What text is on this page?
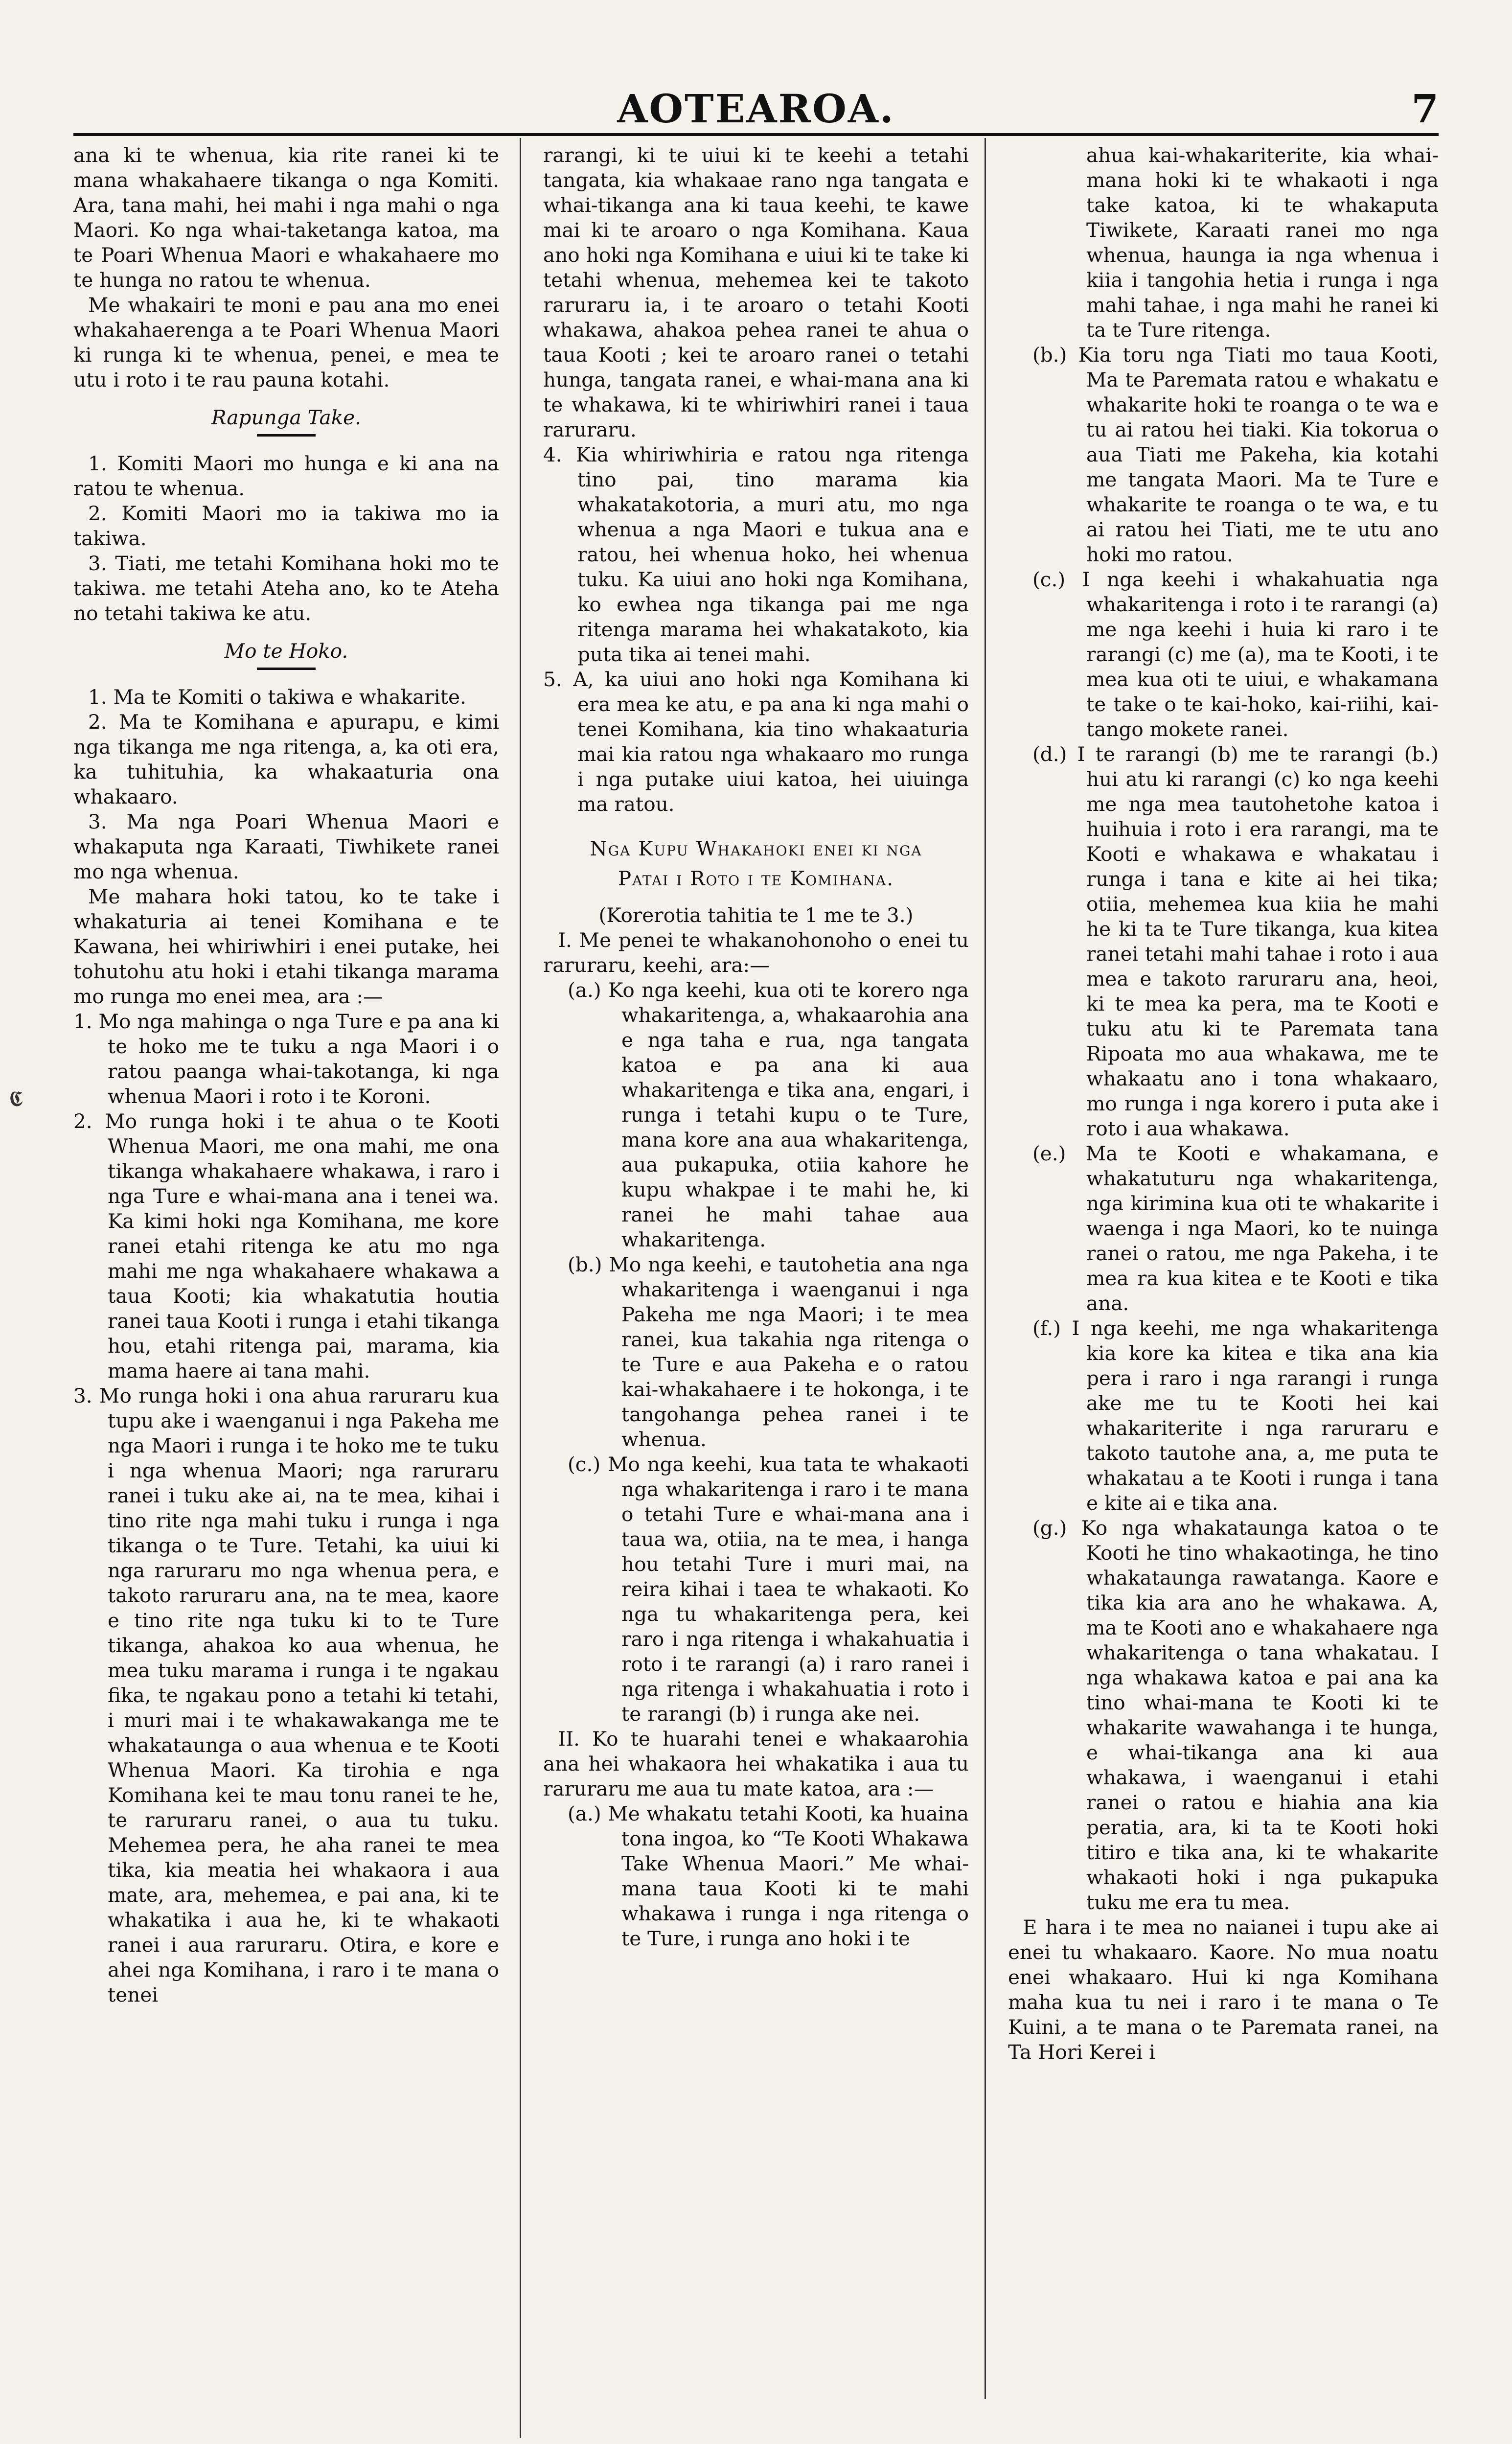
AOTEAROA.	7
𝕮

ana ki te whenua, kia rite ranei ki te mana whakahaere tikanga o nga Komiti. Ara, tana mahi, hei mahi i nga mahi o nga Maori. Ko nga whai-taketanga katoa, ma te Poari Whenua Maori e whakahaere mo te hunga no ratou te whenua.

Me whakairi te moni e pau ana mo enei whakahaerenga a te Poari Whenua Maori ki runga ki te whenua, penei, e mea te utu i roto i te rau pauna kotahi.

Rapunga Take.

1. Komiti Maori mo hunga e ki ana na ratou te whenua.

2. Komiti Maori mo ia takiwa mo ia takiwa.

3. Tiati, me tetahi Komihana hoki mo te takiwa. me tetahi Ateha ano, ko te Ateha no tetahi takiwa ke atu.

Mo te Hoko.

1. Ma te Komiti o takiwa e whakarite.

2. Ma te Komihana e apurapu, e kimi nga tikanga me nga ritenga, a, ka oti era, ka tuhituhia, ka whakaaturia ona whakaaro.

3. Ma nga Poari Whenua Maori e whakaputa nga Karaati, Tiwhikete ranei mo nga whenua.

Me mahara hoki tatou, ko te take i whakaturia ai tenei Komihana e te Kawana, hei whiriwhiri i enei putake, hei tohutohu atu hoki i etahi tikanga marama mo runga mo enei mea, ara :—

1. Mo nga mahinga o nga Ture e pa ana ki te hoko me te tuku a nga Maori i o ratou paanga whai-takotanga, ki nga whenua Maori i roto i te Koroni.

2. Mo runga hoki i te ahua o te Kooti Whenua Maori, me ona mahi, me ona tikanga whakahaere whakawa, i raro i nga Ture e whai-mana ana i tenei wa. Ka kimi hoki nga Komihana, me kore ranei etahi ritenga ke atu mo nga mahi me nga whakahaere whakawa a taua Kooti; kia whakatutia houtia ranei taua Kooti i runga i etahi tikanga hou, etahi ritenga pai, marama, kia mama haere ai tana mahi.

3. Mo runga hoki i ona ahua raruraru kua tupu ake i waenganui i nga Pakeha me nga Maori i runga i te hoko me te tuku i nga whenua Maori; nga raruraru ranei i tuku ake ai, na te mea, kihai i tino rite nga mahi tuku i runga i nga tikanga o te Ture. Tetahi, ka uiui ki nga raruraru mo nga whenua pera, e takoto raruraru ana, na te mea, kaore e tino rite nga tuku ki to te Ture tikanga, ahakoa ko aua whenua, he mea tuku marama i runga i te ngakau fika, te ngakau pono a tetahi ki tetahi, i muri mai i te whakawakanga me te whakataunga o aua whenua e te Kooti Whenua Maori. Ka tirohia e nga Komihana kei te mau tonu ranei te he, te raruraru ranei, o aua tu tuku. Mehemea pera, he aha ranei te mea tika, kia meatia hei whakaora i aua mate, ara, mehemea, e pai ana, ki te whakatika i aua he, ki te whakaoti ranei i aua raruraru. Otira, e kore e ahei nga Komihana, i raro i te mana o tenei

rarangi, ki te uiui ki te keehi a tetahi tangata, kia whakaae rano nga tangata e whai-tikanga ana ki taua keehi, te kawe mai ki te aroaro o nga Komihana. Kaua ano hoki nga Komihana e uiui ki te take ki tetahi whenua, mehemea kei te takoto raruraru ia, i te aroaro o tetahi Kooti whakawa, ahakoa pehea ranei te ahua o taua Kooti ; kei te aroaro ranei o tetahi hunga, tangata ranei, e whai-mana ana ki te whakawa, ki te whiriwhiri ranei i taua raruraru.

4. Kia whiriwhiria e ratou nga ritenga tino pai, tino marama kia whakatakotoria, a muri atu, mo nga whenua a nga Maori e tukua ana e ratou, hei whenua hoko, hei whenua tuku. Ka uiui ano hoki nga Komihana, ko ewhea nga tikanga pai me nga ritenga marama hei whakatakoto, kia puta tika ai tenei mahi.

5. A, ka uiui ano hoki nga Komihana ki era mea ke atu, e pa ana ki nga mahi o tenei Komihana, kia tino whakaaturia mai kia ratou nga whakaaro mo runga i nga putake uiui katoa, hei uiuinga ma ratou.

Nga Kupu Whakahoki enei ki nga

Patai i Roto i te Komihana.

(Korerotia tahitia te 1 me te 3.)

I. Me penei te whakanohonoho o enei tu raruraru, keehi, ara:—

(a.) Ko nga keehi, kua oti te korero nga whakaritenga, a, whakaarohia ana e nga taha e rua, nga tangata katoa e pa ana ki aua whakaritenga e tika ana, engari, i runga i tetahi kupu o te Ture, mana kore ana aua whakaritenga, aua pukapuka, otiia kahore he kupu whakpae i te mahi he, ki ranei he mahi tahae aua whakaritenga.

(b.) Mo nga keehi, e tautohetia ana nga whakaritenga i waenganui i nga Pakeha me nga Maori; i te mea ranei, kua takahia nga ritenga o te Ture e aua Pakeha e o ratou kai-whakahaere i te hokonga, i te tangohanga pehea ranei i te whenua.

(c.) Mo nga keehi, kua tata te whakaoti nga whakaritenga i raro i te mana o tetahi Ture e whai-mana ana i taua wa, otiia, na te mea, i hanga hou tetahi Ture i muri mai, na reira kihai i taea te whakaoti. Ko nga tu whakaritenga pera, kei raro i nga ritenga i whakahuatia i roto i te rarangi (a) i raro ranei i nga ritenga i whakahuatia i roto i te rarangi (b) i runga ake nei.

II. Ko te huarahi tenei e whakaarohia ana hei whakaora hei whakatika i aua tu raruraru me aua tu mate katoa, ara :—

(a.) Me whakatu tetahi Kooti, ka huaina tona ingoa, ko “Te Kooti Whakawa Take Whenua Maori.” Me whai-mana taua Kooti ki te mahi whakawa i runga i nga ritenga o te Ture, i runga ano hoki i te

ahua kai-whakariterite, kia whai-mana hoki ki te whakaoti i nga take katoa, ki te whakaputa Tiwikete, Karaati ranei mo nga whenua, haunga ia nga whenua i kiia i tangohia hetia i runga i nga mahi tahae, i nga mahi he ranei ki ta te Ture ritenga.

(b.) Kia toru nga Tiati mo taua Kooti, Ma te Paremata ratou e whakatu e whakarite hoki te roanga o te wa e tu ai ratou hei tiaki. Kia tokorua o aua Tiati me Pakeha, kia kotahi me tangata Maori. Ma te Ture e whakarite te roanga o te wa, e tu ai ratou hei Tiati, me te utu ano hoki mo ratou.

(c.) I nga keehi i whakahuatia nga whakaritenga i roto i te rarangi (a) me nga keehi i huia ki raro i te rarangi (c) me (a), ma te Kooti, i te mea kua oti te uiui, e whakamana te take o te kai-hoko, kai-riihi, kai-tango mokete ranei.

(d.) I te rarangi (b) me te rarangi (b.) hui atu ki rarangi (c) ko nga keehi me nga mea tautohetohe katoa i huihuia i roto i era rarangi, ma te Kooti e whakawa e whakatau i runga i tana e kite ai hei tika; otiia, mehemea kua kiia he mahi he ki ta te Ture tikanga, kua kitea ranei tetahi mahi tahae i roto i aua mea e takoto raruraru ana, heoi, ki te mea ka pera, ma te Kooti e tuku atu ki te Paremata tana Ripoata mo aua whakawa, me te whakaatu ano i tona whakaaro, mo runga i nga korero i puta ake i roto i aua whakawa.

(e.) Ma te Kooti e whakamana, e whakatuturu nga whakaritenga, nga kirimina kua oti te whakarite i waenga i nga Maori, ko te nuinga ranei o ratou, me nga Pakeha, i te mea ra kua kitea e te Kooti e tika ana.

(f.) I nga keehi, me nga whakaritenga kia kore ka kitea e tika ana kia pera i raro i nga rarangi i runga ake me tu te Kooti hei kai whakariterite i nga raruraru e takoto tautohe ana, a, me puta te whakatau a te Kooti i runga i tana e kite ai e tika ana.

(g.) Ko nga whakataunga katoa o te Kooti he tino whakaotinga, he tino whakataunga rawatanga. Kaore e tika kia ara ano he whakawa. A, ma te Kooti ano e whakahaere nga whakaritenga o tana whakatau. I nga whakawa katoa e pai ana ka tino whai-mana te Kooti ki te whakarite wawahanga i te hunga, e whai-tikanga ana ki aua whakawa, i waenganui i etahi ranei o ratou e hiahia ana kia peratia, ara, ki ta te Kooti hoki titiro e tika ana, ki te whakarite whakaoti hoki i nga pukapuka tuku me era tu mea.

E hara i te mea no naianei i tupu ake ai enei tu whakaaro. Kaore. No mua noatu enei whakaaro. Hui ki nga Komihana maha kua tu nei i raro i te mana o Te Kuini, a te mana o te Paremata ranei, na Ta Hori Kerei i
